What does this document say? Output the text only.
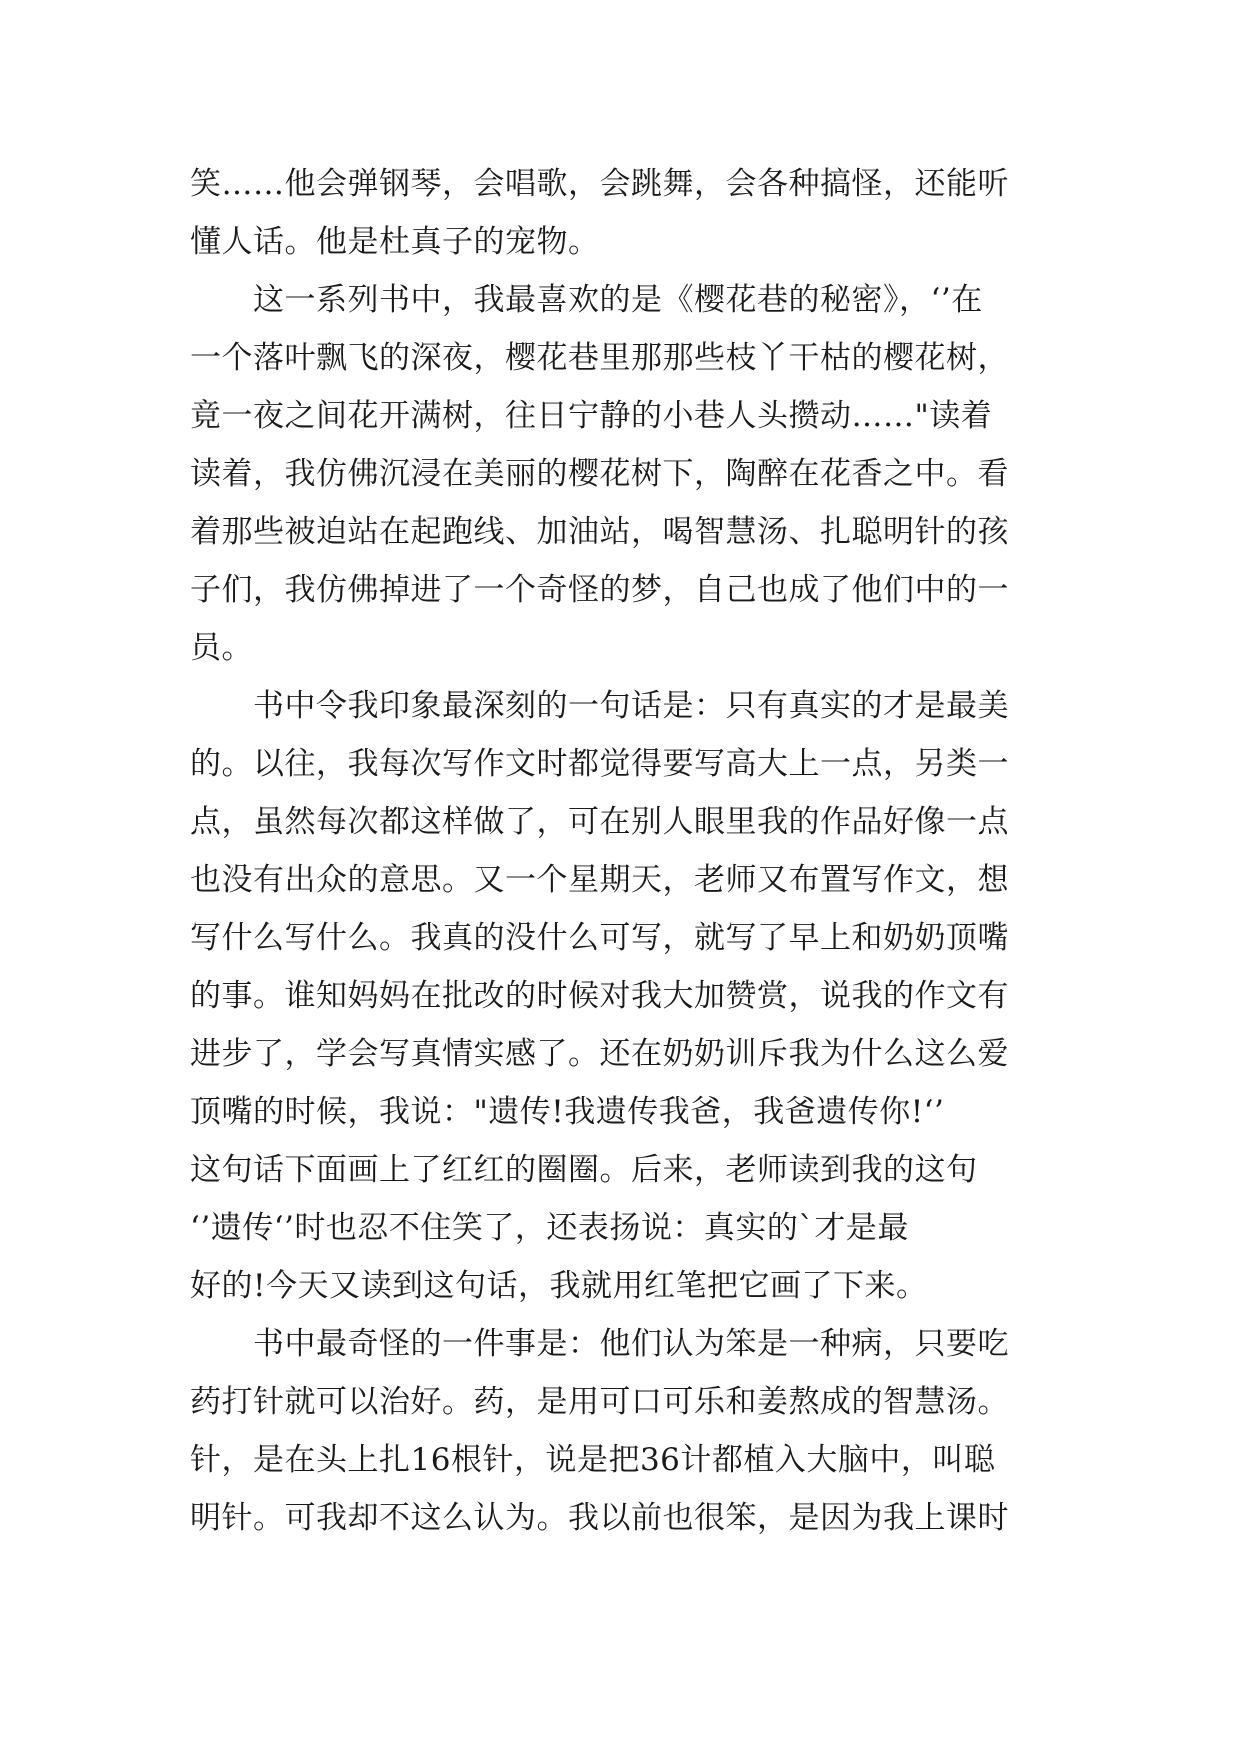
笑……他会弹钢琴，会唱歌，会跳舞，会各种搞怪，还能听
懂人话。他是杜真子的宠物。
　　这一系列书中，我最喜欢的是《樱花巷的秘密》，‘’在
一个落叶飘飞的深夜，樱花巷里那那些枝丫干枯的樱花树，
竟一夜之间花开满树，往日宁静的小巷人头攒动……"读着
读着，我仿佛沉浸在美丽的樱花树下，陶醉在花香之中。看
着那些被迫站在起跑线、加油站，喝智慧汤、扎聪明针的孩
子们，我仿佛掉进了一个奇怪的梦，自己也成了他们中的一
员。
　　书中令我印象最深刻的一句话是：只有真实的才是最美
的。以往，我每次写作文时都觉得要写高大上一点，另类一
点，虽然每次都这样做了，可在别人眼里我的作品好像一点
也没有出众的意思。又一个星期天，老师又布置写作文，想
写什么写什么。我真的没什么可写，就写了早上和奶奶顶嘴
的事。谁知妈妈在批改的时候对我大加赞赏，说我的作文有
进步了，学会写真情实感了。还在奶奶训斥我为什么这么爱
顶嘴的时候，我说："遗传!我遗传我爸，我爸遗传你!‘’
这句话下面画上了红红的圈圈。后来，老师读到我的这句
‘’遗传‘’时也忍不住笑了，还表扬说：真实的`才是最
好的!今天又读到这句话，我就用红笔把它画了下来。
　　书中最奇怪的一件事是：他们认为笨是一种病，只要吃
药打针就可以治好。药，是用可口可乐和姜熬成的智慧汤。
针，是在头上扎16根针，说是把36计都植入大脑中，叫聪
明针。可我却不这么认为。我以前也很笨，是因为我上课时
